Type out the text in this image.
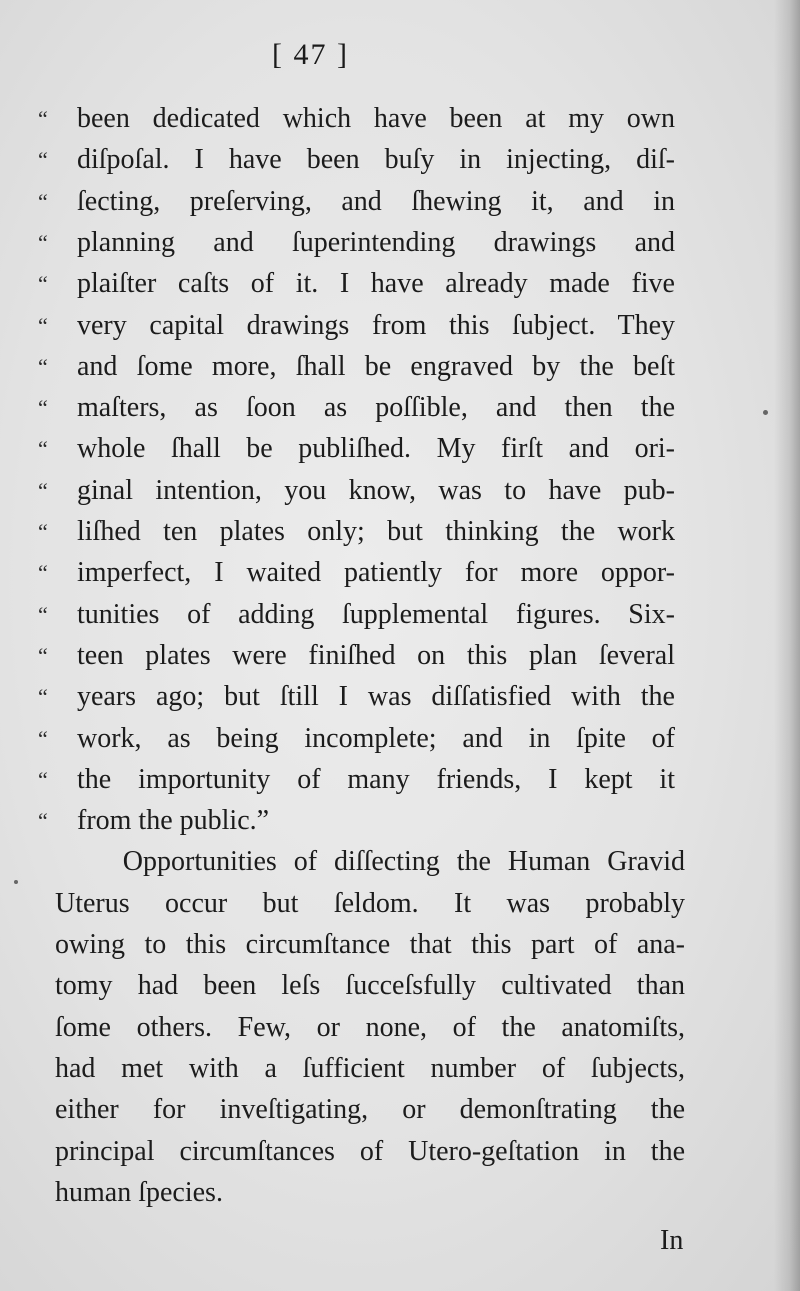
[ 47 ]
“ been dedicated which have been at my own
“ diſpoſal. I have been buſy in injecting, diſ-
“ ſecting, preſerving, and ſhewing it, and in
“ planning and ſuperintending drawings and
“ plaiſter caſts of it. I have already made five
“ very capital drawings from this ſubject. They
“ and ſome more, ſhall be engraved by the beſt
“ maſters, as ſoon as poſſible, and then the
“ whole ſhall be publiſhed. My firſt and ori-
“ ginal intention, you know, was to have pub-
“ liſhed ten plates only; but thinking the work
“ imperfect, I waited patiently for more oppor-
“ tunities of adding ſupplemental figures. Six-
“ teen plates were finiſhed on this plan ſeveral
“ years ago; but ſtill I was diſſatisfied with the
“ work, as being incomplete; and in ſpite of
“ the importunity of many friends, I kept it
“ from the public.”
Opportunities of diſſecting the Human Gravid
Uterus occur but ſeldom. It was probably
owing to this circumſtance that this part of ana-
tomy had been leſs ſucceſsfully cultivated than
ſome others. Few, or none, of the anatomiſts,
had met with a ſufficient number of ſubjects,
either for inveſtigating, or demonſtrating the
principal circumſtances of Utero-geſtation in the
human ſpecies.
In
